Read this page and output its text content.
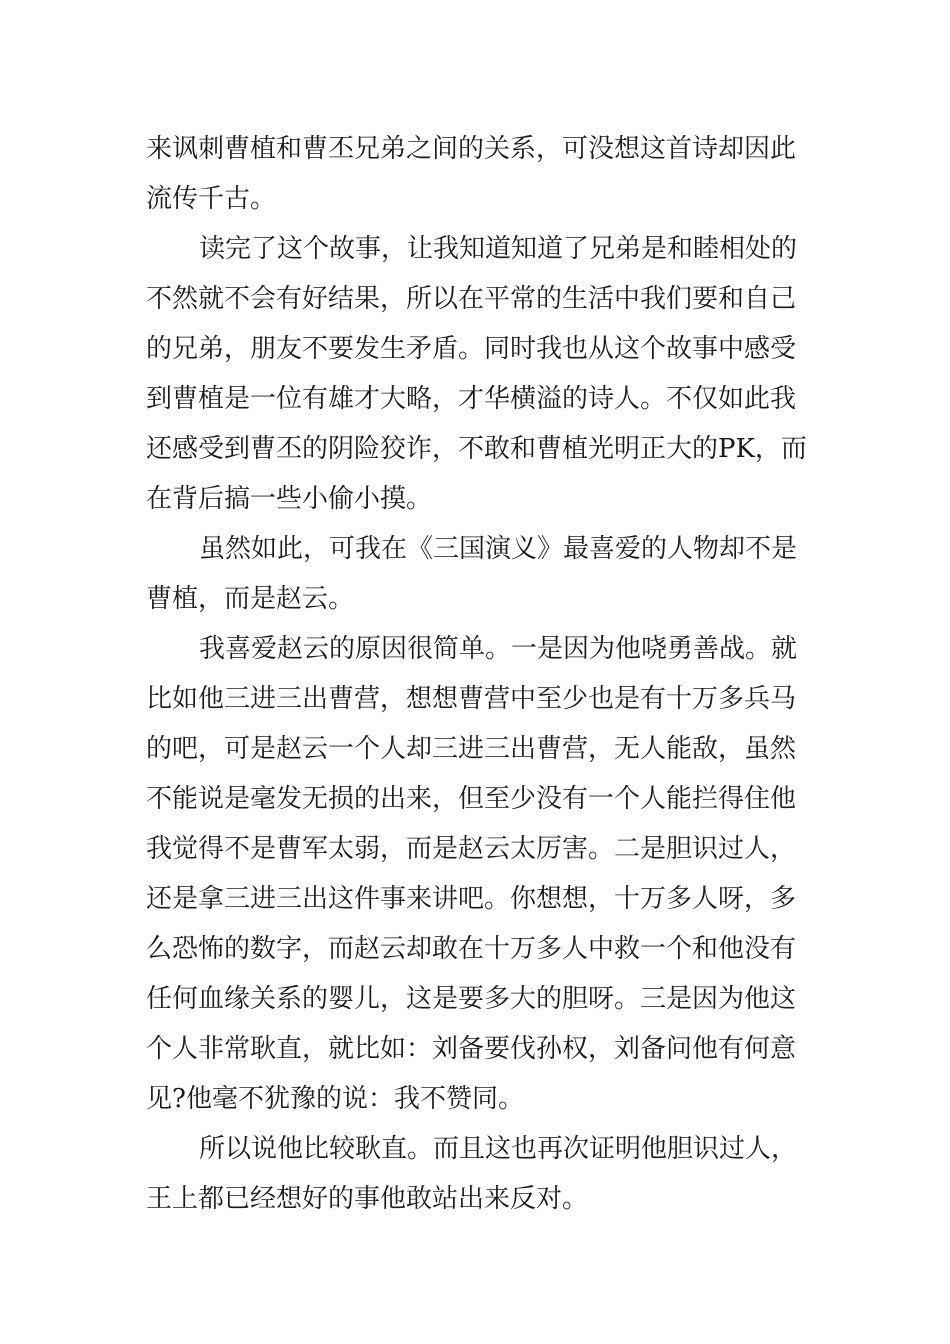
来讽刺曹植和曹丕兄弟之间的关系，可没想这首诗却因此
流传千古。
读完了这个故事，让我知道知道了兄弟是和睦相处的
不然就不会有好结果，所以在平常的生活中我们要和自己
的兄弟，朋友不要发生矛盾。同时我也从这个故事中感受
到曹植是一位有雄才大略，才华横溢的诗人。不仅如此我
还感受到曹丕的阴险狡诈，不敢和曹植光明正大的PK，而
在背后搞一些小偷小摸。
虽然如此，可我在《三国演义》最喜爱的人物却不是
曹植，而是赵云。
我喜爱赵云的原因很简单。一是因为他哓勇善战。就
比如他三进三出曹营，想想曹营中至少也是有十万多兵马
的吧，可是赵云一个人却三进三出曹营，无人能敌，虽然
不能说是毫发无损的出来，但至少没有一个人能拦得住他
我觉得不是曹军太弱，而是赵云太厉害。二是胆识过人，
还是拿三进三出这件事来讲吧。你想想，十万多人呀，多
么恐怖的数字，而赵云却敢在十万多人中救一个和他没有
任何血缘关系的婴儿，这是要多大的胆呀。三是因为他这
个人非常耿直，就比如：刘备要伐孙权，刘备问他有何意
见?他毫不犹豫的说：我不赞同。
所以说他比较耿直。而且这也再次证明他胆识过人，
王上都已经想好的事他敢站出来反对。
